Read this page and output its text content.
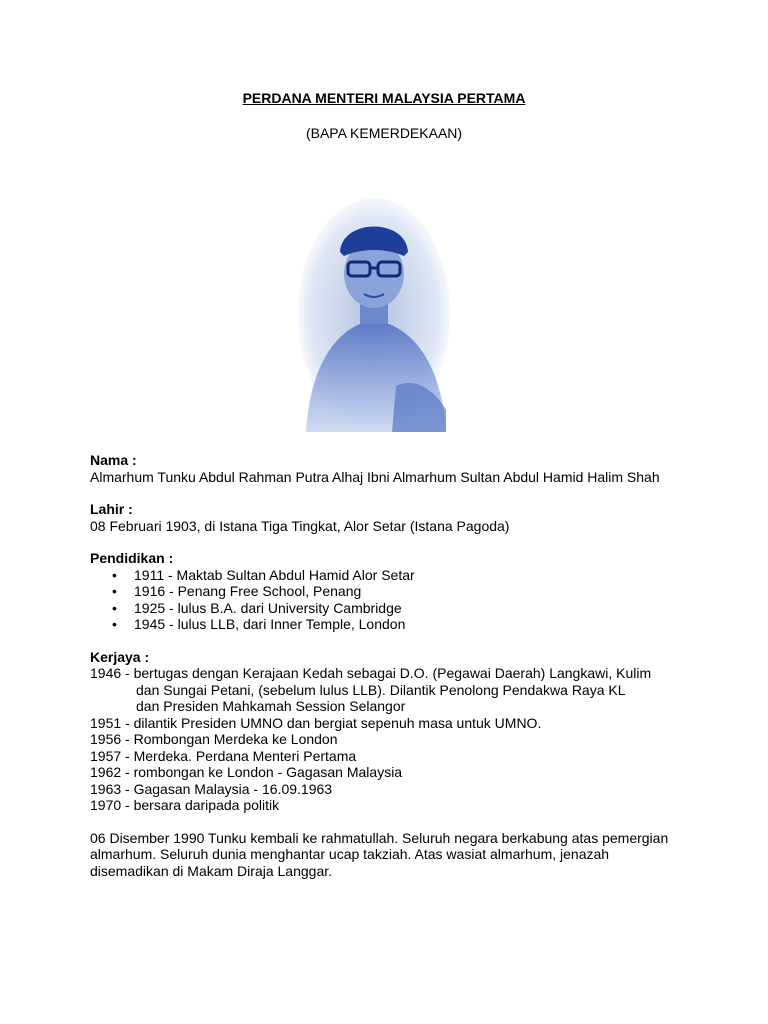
PERDANA MENTERI MALAYSIA PERTAMA
(BAPA KEMERDEKAAN)
Nama :
Almarhum Tunku Abdul Rahman Putra Alhaj Ibni Almarhum Sultan Abdul Hamid Halim Shah
Lahir :
08 Februari 1903, di Istana Tiga Tingkat, Alor Setar (Istana Pagoda)
Pendidikan :
• 1911 - Maktab Sultan Abdul Hamid Alor Setar
• 1916 - Penang Free School, Penang
• 1925 - lulus B.A. dari University Cambridge
• 1945 - lulus LLB, dari Inner Temple, London
Kerjaya :
1946 - bertugas dengan Kerajaan Kedah sebagai D.O. (Pegawai Daerah) Langkawi, Kulim
dan Sungai Petani, (sebelum lulus LLB). Dilantik Penolong Pendakwa Raya KL
dan Presiden Mahkamah Session Selangor
1951 - dilantik Presiden UMNO dan bergiat sepenuh masa untuk UMNO.
1956 - Rombongan Merdeka ke London
1957 - Merdeka. Perdana Menteri Pertama
1962 - rombongan ke London - Gagasan Malaysia
1963 - Gagasan Malaysia - 16.09.1963
1970 - bersara daripada politik
06 Disember 1990 Tunku kembali ke rahmatullah. Seluruh negara berkabung atas pemergian
almarhum. Seluruh dunia menghantar ucap takziah. Atas wasiat almarhum, jenazah
disemadikan di Makam Diraja Langgar.
